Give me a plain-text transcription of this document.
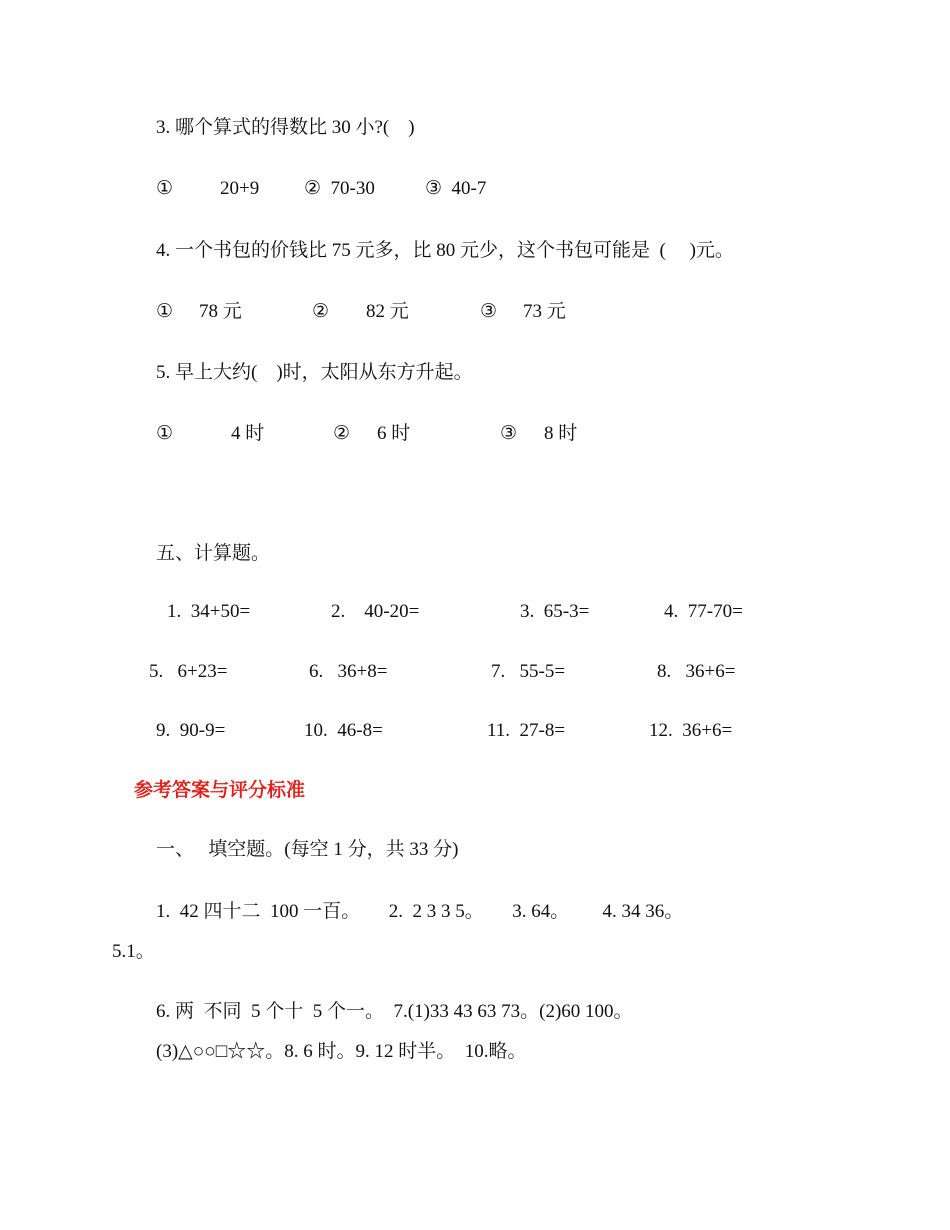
3. 哪个算式的得数比 30 小?(    )
① 20+9 ②  70-30	③  40-7
4. 一个书包的价钱比 75 元多，比 80 元少，这个书包可能是  (     )元。
① 78 元	② 82 元	③ 73 元
5. 早上大约(    )时，太阳从东方升起。
①	4 时	② 6 时	③ 8 时
五、计算题。
1.  34+50=	2.    40-20=	3.  65-3=	4.  77-70=
5.   6+23=	6.   36+8=	7.   55-5=	8.   36+6=
9.  90-9=	10.  46-8=	11.  27-8=	12.  36+6=
参考答案与评分标准
一、   填空题。(每空 1 分，共 33 分)
1.  42 四十二  100 一百。      2.  2 3 3 5。      3. 64。       4. 34 36。
5.1。
6. 两  不同  5 个十  5 个一。  7.(1)33 43 63 73。(2)60 100。
(3)△○○□☆☆。8. 6 时。9. 12 时半。  10.略。
